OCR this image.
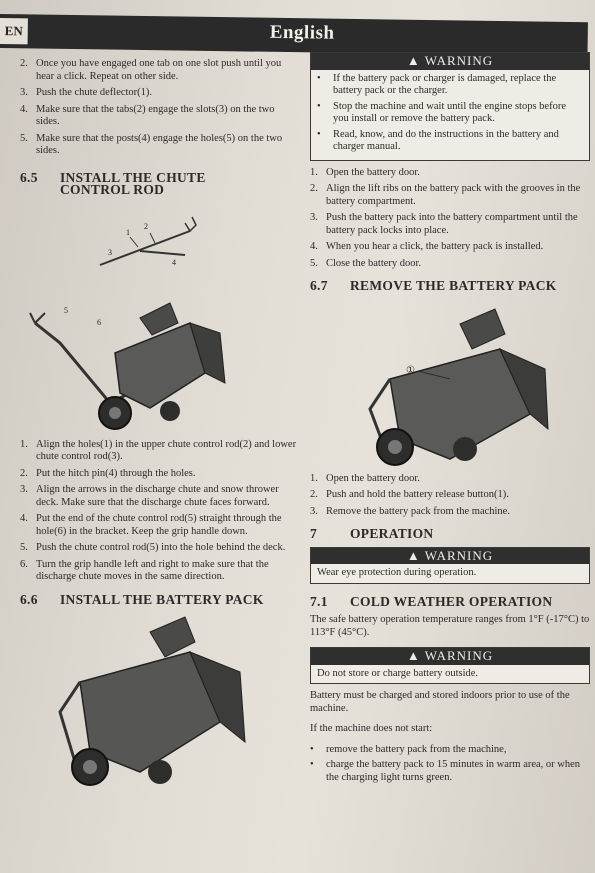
EN	English
2. Once you have engaged one tab on one slot push until you hear a click. Repeat on other side.
3. Push the chute deflector(1).
4. Make sure that the tabs(2) engage the slots(3) on the two sides.
5. Make sure that the posts(4) engage the holes(5) on the two sides.
6.5	INSTALL THE CHUTE CONTROL ROD
1
2
3
4
5
6
1. Align the holes(1) in the upper chute control rod(2) and lower chute control rod(3).
2. Put the hitch pin(4) through the holes.
3. Align the arrows in the discharge chute and snow thrower deck. Make sure that the discharge chute faces forward.
4. Put the end of the chute control rod(5) straight through the hole(6) in the bracket. Keep the grip handle down.
5. Push the chute control rod(5) into the hole behind the deck.
6. Turn the grip handle left and right to make sure that the discharge chute moves in the same direction.
6.6	INSTALL THE BATTERY PACK
▲ WARNING
•	If the battery pack or charger is damaged, replace the battery pack or the charger.
•	Stop the machine and wait until the engine stops before you install or remove the battery pack.
•	Read, know, and do the instructions in the battery and charger manual.
1. Open the battery door.
2. Align the lift ribs on the battery pack with the grooves in the battery compartment.
3. Push the battery pack into the battery compartment until the battery pack locks into place.
4. When you hear a click, the battery pack is installed.
5. Close the battery door.
6.7	REMOVE THE BATTERY PACK
①
1. Open the battery door.
2. Push and hold the battery release button(1).
3. Remove the battery pack from the machine.
7	OPERATION
▲ WARNING
Wear eye protection during operation.
7.1	COLD WEATHER OPERATION
The safe battery operation temperature ranges from 1°F (-17°C) to 113°F (45°C).
▲ WARNING
Do not store or charge battery outside.
Battery must be charged and stored indoors prior to use of the machine.
If the machine does not start:
•	remove the battery pack from the machine,
•	charge the battery pack to 15 minutes in warm area, or when the charging light turns green.
